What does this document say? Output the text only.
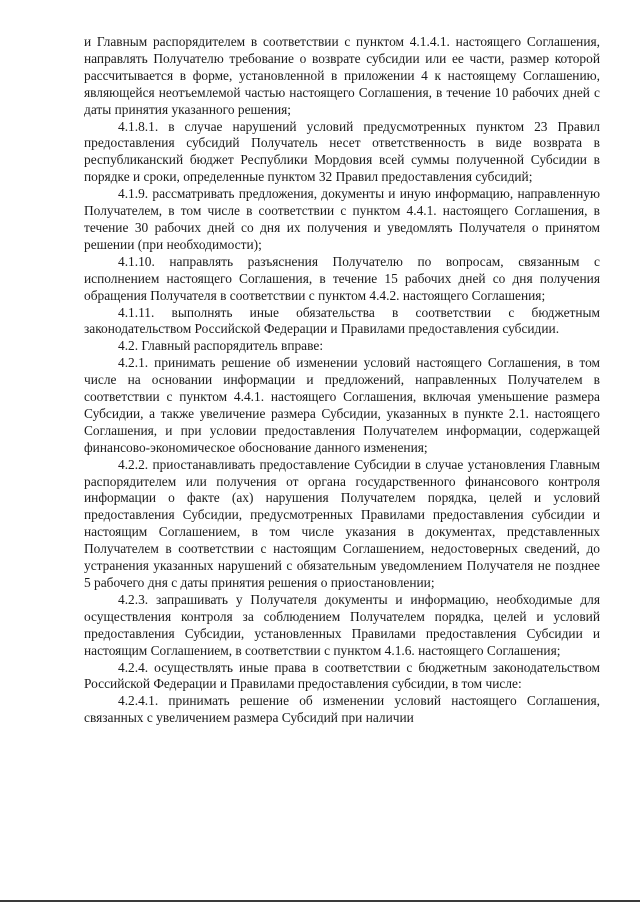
и Главным распорядителем в соответствии с пунктом 4.1.4.1. настоящего Соглашения, направлять Получателю требование о возврате субсидии или ее части, размер которой рассчитывается в форме, установленной в приложении 4 к настоящему Соглашению, являющейся неотъемлемой частью настоящего Соглашения, в течение 10 рабочих дней с даты принятия указанного решения;

4.1.8.1. в случае нарушений условий предусмотренных пунктом 23 Правил предоставления субсидий Получатель несет ответственность в виде возврата в республиканский бюджет Республики Мордовия всей суммы полученной Субсидии в порядке и сроки, определенные пунктом 32 Правил предоставления субсидий;

4.1.9. рассматривать предложения, документы и иную информацию, направленную Получателем, в том числе в соответствии с пунктом 4.4.1. настоящего Соглашения, в течение 30 рабочих дней со дня их получения и уведомлять Получателя о принятом решении (при необходимости);

4.1.10. направлять разъяснения Получателю по вопросам, связанным с исполнением настоящего Соглашения, в течение 15 рабочих дней со дня получения обращения Получателя в соответствии с пунктом 4.4.2. настоящего Соглашения;

4.1.11. выполнять иные обязательства в соответствии с бюджетным законодательством Российской Федерации и Правилами предоставления субсидии.

4.2. Главный распорядитель вправе:

4.2.1. принимать решение об изменении условий настоящего Соглашения, в том числе на основании информации и предложений, направленных Получателем в соответствии с пунктом 4.4.1. настоящего Соглашения, включая уменьшение размера Субсидии, а также увеличение размера Субсидии, указанных в пункте 2.1. настоящего Соглашения, и при условии предоставления Получателем информации, содержащей финансово-экономическое обоснование данного изменения;

4.2.2. приостанавливать предоставление Субсидии в случае установления Главным распорядителем или получения от органа государственного финансового контроля информации о факте (ах) нарушения Получателем порядка, целей и условий предоставления Субсидии, предусмотренных Правилами предоставления субсидии и настоящим Соглашением, в том числе указания в документах, представленных Получателем в соответствии с настоящим Соглашением, недостоверных сведений, до устранения указанных нарушений с обязательным уведомлением Получателя не позднее 5 рабочего дня с даты принятия решения о приостановлении;

4.2.3. запрашивать у Получателя документы и информацию, необходимые для осуществления контроля за соблюдением Получателем порядка, целей и условий предоставления Субсидии, установленных Правилами предоставления Субсидии и настоящим Соглашением, в соответствии с пунктом 4.1.6. настоящего Соглашения;

4.2.4. осуществлять иные права в соответствии с бюджетным законодательством Российской Федерации и Правилами предоставления субсидии, в том числе:

4.2.4.1. принимать решение об изменении условий настоящего Соглашения, связанных с увеличением размера Субсидий при наличии
